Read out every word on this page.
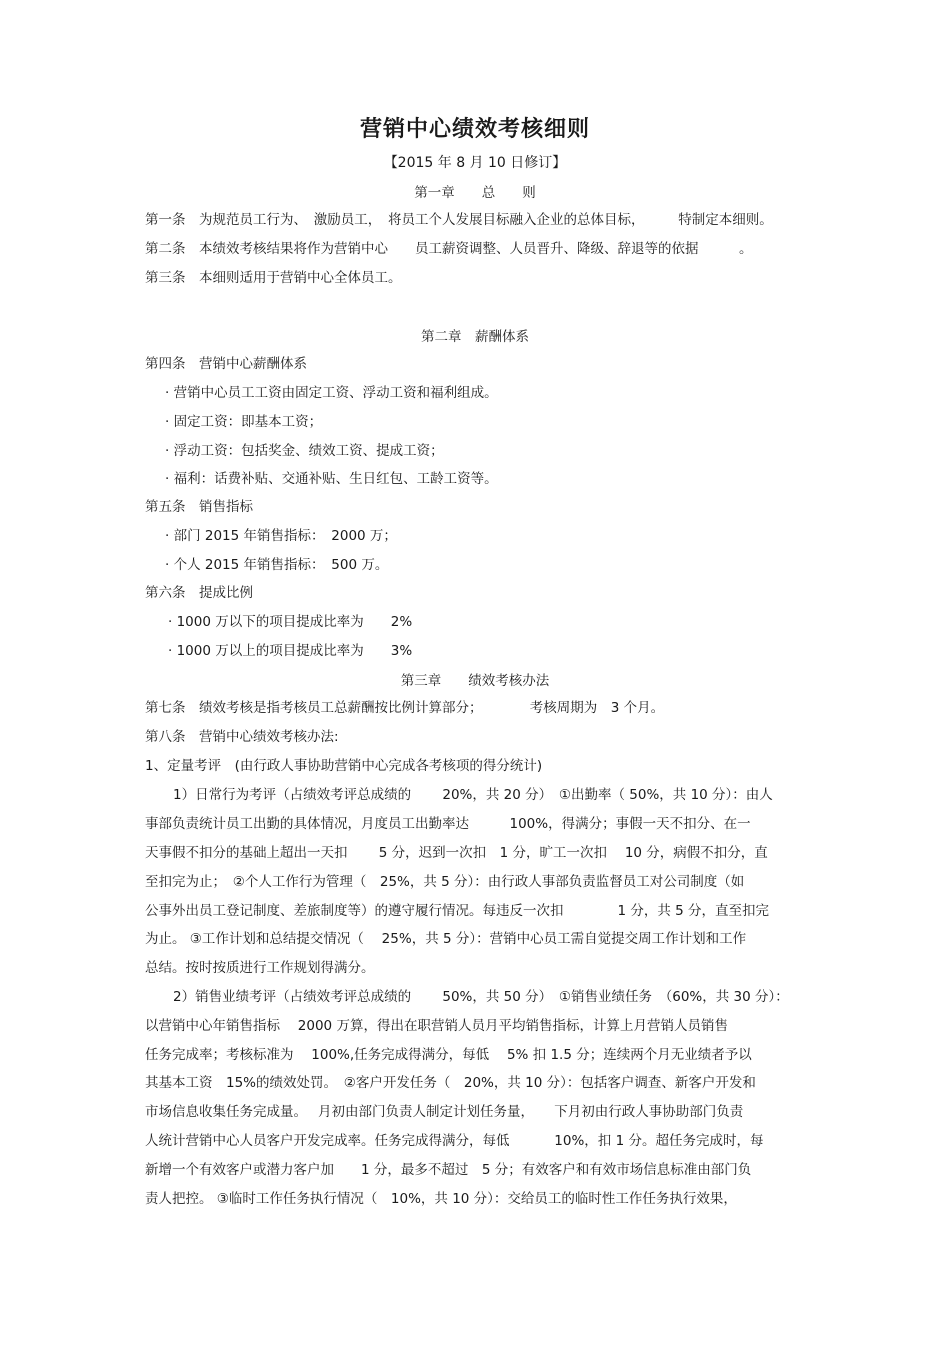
营销中心绩效考核细则
【2015 年 8 月 10 日修订】
第一章　　总　　则
第一条　为规范员工行为、　激励员工，　将员工个人发展目标融入企业的总体目标，　　　特制定本细则。
第二条　本绩效考核结果将作为营销中心　　员工薪资调整、人员晋升、降级、辞退等的依据　　　。
第三条　本细则适用于营销中心全体员工。
第二章　薪酬体系
第四条　营销中心薪酬体系
· 营销中心员工工资由固定工资、浮动工资和福利组成。
· 固定工资：即基本工资；
· 浮动工资：包括奖金、绩效工资、提成工资；
· 福利：话费补贴、交通补贴、生日红包、工龄工资等。
第五条　销售指标
· 部门 2015 年销售指标：　2000 万；
· 个人 2015 年销售指标：　500 万。
第六条　提成比例
· 1000 万以下的项目提成比率为　　2%
· 1000 万以上的项目提成比率为　　3%
第三章　　绩效考核办法
第七条　绩效考核是指考核员工总薪酬按比例计算部分；　　　　考核周期为　3 个月。
第八条　营销中心绩效考核办法:
1、定量考评　(由行政人事协助营销中心完成各考核项的得分统计)
1）日常行为考评（占绩效考评总成绩的　　 20%，共 20 分）　①出勤率（ 50%，共 10 分）：由人
事部负责统计员工出勤的具体情况，月度员工出勤率达　　　100%，得满分；事假一天不扣分、在一
天事假不扣分的基础上超出一天扣　　 5 分，迟到一次扣　1 分，旷工一次扣　 10 分，病假不扣分，直
至扣完为止；　②个人工作行为管理（　25%，共 5 分）：由行政人事部负责监督员工对公司制度（如
公事外出员工登记制度、差旅制度等）的遵守履行情况。每违反一次扣　　　　1 分，共 5 分，直至扣完
为止。 ③工作计划和总结提交情况（　 25%，共 5 分）：营销中心员工需自觉提交周工作计划和工作
总结。按时按质进行工作规划得满分。
2）销售业绩考评（占绩效考评总成绩的　　 50%，共 50 分）　①销售业绩任务　（60%，共 30 分）：
以营销中心年销售指标　 2000 万算，得出在职营销人员月平均销售指标，计算上月营销人员销售
任务完成率；考核标准为　 100%,任务完成得满分，每低　 5% 扣 1.5 分；连续两个月无业绩者予以
其基本工资　15%的绩效处罚。　②客户开发任务（　20%，共 10 分）：包括客户调查、新客户开发和
市场信息收集任务完成量。　 月初由部门负责人制定计划任务量，　　下月初由行政人事协助部门负责
人统计营销中心人员客户开发完成率。任务完成得满分，每低　　　 10%，扣 1 分。超任务完成时，每
新增一个有效客户或潜力客户加　　1 分，最多不超过　5 分；有效客户和有效市场信息标准由部门负
责人把控。 ③临时工作任务执行情况（　10%，共 10 分）：交给员工的临时性工作任务执行效果，
